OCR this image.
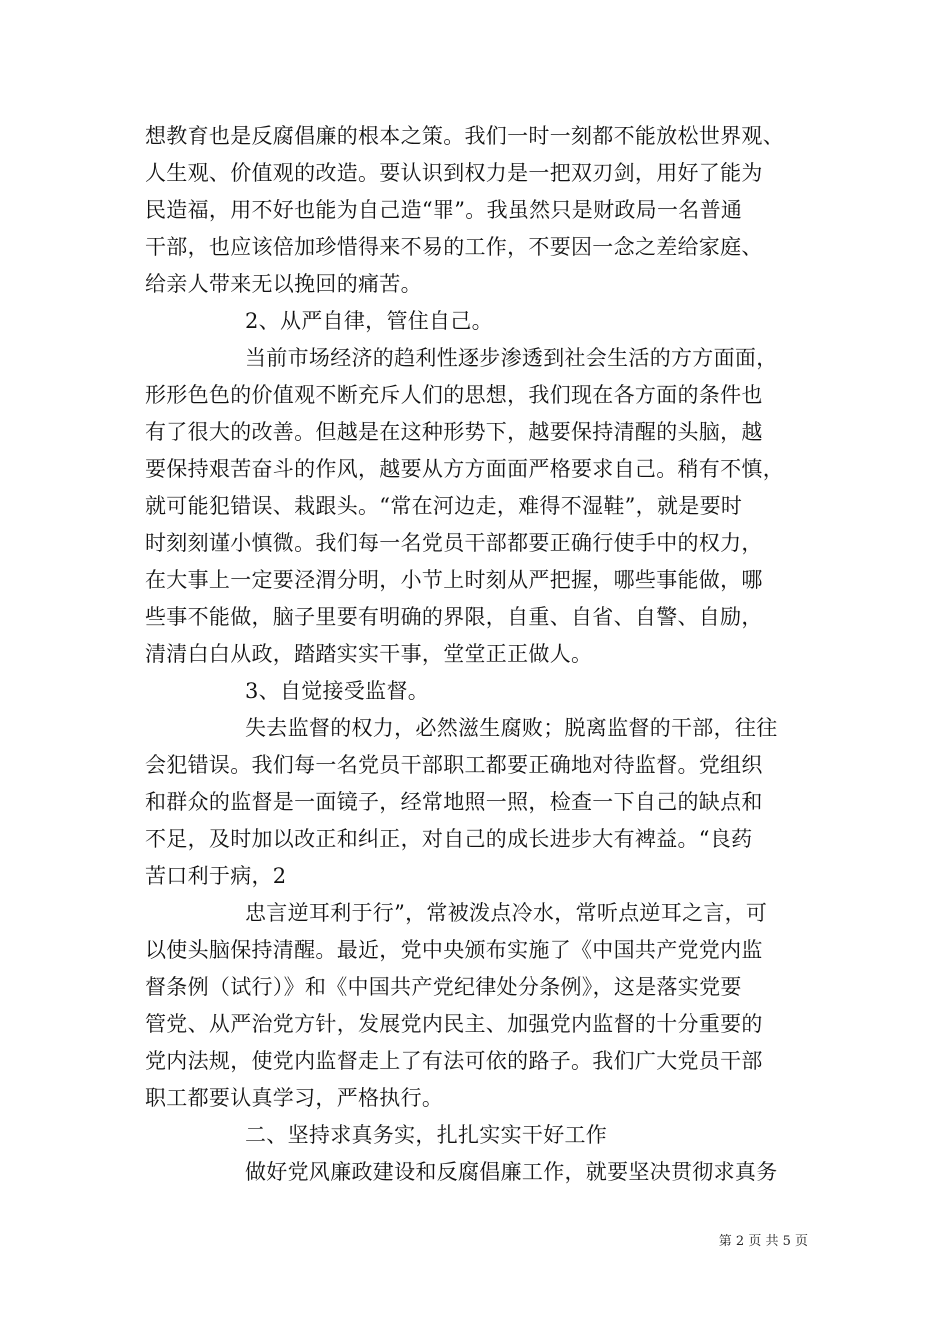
想教育也是反腐倡廉的根本之策。我们一时一刻都不能放松世界观、
人生观、价值观的改造。要认识到权力是一把双刃剑，用好了能为
民造福，用不好也能为自己造“罪”。我虽然只是财政局一名普通
干部，也应该倍加珍惜得来不易的工作，不要因一念之差给家庭、
给亲人带来无以挽回的痛苦。
2、从严自律，管住自己。
当前市场经济的趋利性逐步渗透到社会生活的方方面面，
形形色色的价值观不断充斥人们的思想，我们现在各方面的条件也
有了很大的改善。但越是在这种形势下，越要保持清醒的头脑，越
要保持艰苦奋斗的作风，越要从方方面面严格要求自己。稍有不慎，
就可能犯错误、栽跟头。“常在河边走，难得不湿鞋”，就是要时
时刻刻谨小慎微。我们每一名党员干部都要正确行使手中的权力，
在大事上一定要泾渭分明，小节上时刻从严把握，哪些事能做，哪
些事不能做，脑子里要有明确的界限，自重、自省、自警、自励，
清清白白从政，踏踏实实干事，堂堂正正做人。
3、自觉接受监督。
失去监督的权力，必然滋生腐败；脱离监督的干部，往往
会犯错误。我们每一名党员干部职工都要正确地对待监督。党组织
和群众的监督是一面镜子，经常地照一照，检查一下自己的缺点和
不足，及时加以改正和纠正，对自己的成长进步大有裨益。“良药
苦口利于病，2
忠言逆耳利于行”，常被泼点冷水，常听点逆耳之言，可
以使头脑保持清醒。最近，党中央颁布实施了《中国共产党党内监
督条例（试行）》和《中国共产党纪律处分条例》，这是落实党要
管党、从严治党方针，发展党内民主、加强党内监督的十分重要的
党内法规，使党内监督走上了有法可依的路子。我们广大党员干部
职工都要认真学习，严格执行。
二、坚持求真务实，扎扎实实干好工作
做好党风廉政建设和反腐倡廉工作，就要坚决贯彻求真务
第 2 页 共 5 页
